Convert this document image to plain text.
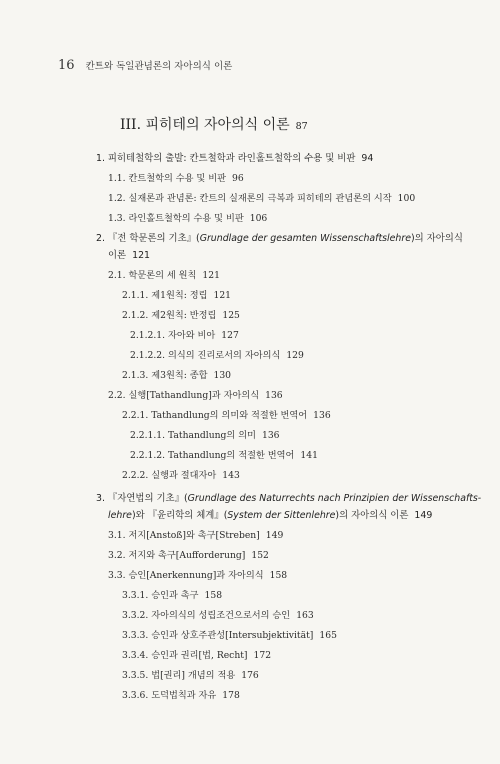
16 칸트와 독일관념론의 자아의식 이론
III. 피히테의 자아의식 이론 87
1. 피히테철학의 출발: 칸트철학과 라인홀트철학의 수용 및 비판 94
1.1. 칸트철학의 수용 및 비판 96
1.2. 실재론과 관념론: 칸트의 실재론의 극복과 피히테의 관념론의 시작 100
1.3. 라인홀트철학의 수용 및 비판 106
2. 『전 학문론의 기초』(Grundlage der gesamten Wissenschaftslehre)의 자아의식
이론 121
2.1. 학문론의 세 원칙 121
2.1.1. 제1원칙: 정립 121
2.1.2. 제2원칙: 반정립 125
2.1.2.1. 자아와 비아 127
2.1.2.2. 의식의 진리로서의 자아의식 129
2.1.3. 제3원칙: 종합 130
2.2. 실행[Tathandlung]과 자아의식 136
2.2.1. Tathandlung의 의미와 적절한 번역어 136
2.2.1.1. Tathandlung의 의미 136
2.2.1.2. Tathandlung의 적절한 번역어 141
2.2.2. 실행과 절대자아 143
3. 『자연법의 기초』(Grundlage des Naturrechts nach Prinzipien der Wissenschafts-
lehre)와 『윤리학의 체계』(System der Sittenlehre)의 자아의식 이론 149
3.1. 저지[Anstoß]와 촉구[Streben] 149
3.2. 저지와 촉구[Aufforderung] 152
3.3. 승인[Anerkennung]과 자아의식 158
3.3.1. 승인과 촉구 158
3.3.2. 자아의식의 성립조건으로서의 승인 163
3.3.3. 승인과 상호주관성[Intersubjektivität] 165
3.3.4. 승인과 권리[법, Recht] 172
3.3.5. 법[권리] 개념의 적용 176
3.3.6. 도덕법칙과 자유 178
